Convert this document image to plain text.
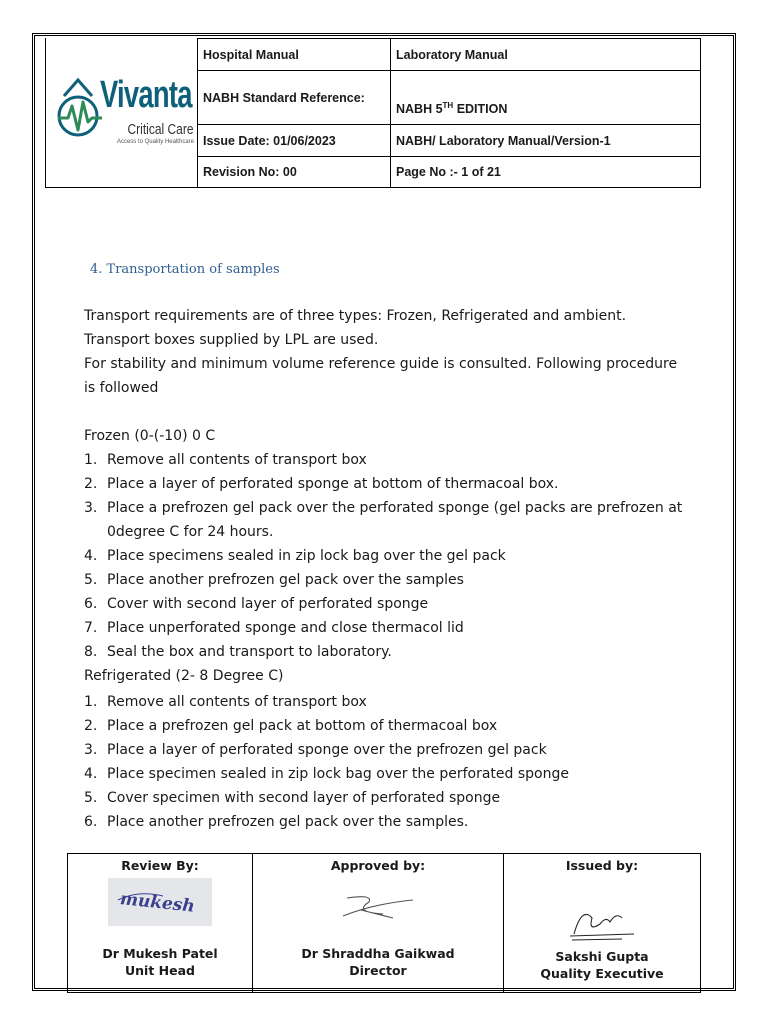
Vivanta
Critical Care
Access to Quality Healthcare
Hospital Manual	Laboratory Manual
NABH Standard Reference:	NABH 5TH EDITION
Issue Date: 01/06/2023	NABH/ Laboratory Manual/Version-1
Revision No: 00	Page No :- 1 of 21
4. Transportation of samples
Transport requirements are of three types: Frozen, Refrigerated and ambient. Transport boxes supplied by LPL are used.
For stability and minimum volume reference guide is consulted. Following procedure is followed
Frozen (0-(-10) 0 C
1. Remove all contents of transport box
2. Place a layer of perforated sponge at bottom of thermacoal box.
3. Place a prefrozen gel pack over the perforated sponge (gel packs are prefrozen at 0degree C for 24 hours.
4. Place specimens sealed in zip lock bag over the gel pack
5. Place another prefrozen gel pack over the samples
6. Cover with second layer of perforated sponge
7. Place unperforated sponge and close thermacol lid
8. Seal the box and transport to laboratory.
Refrigerated (2- 8 Degree C)
1. Remove all contents of transport box
2. Place a prefrozen gel pack at bottom of thermacoal box
3. Place a layer of perforated sponge over the prefrozen gel pack
4. Place specimen sealed in zip lock bag over the perforated sponge
5. Cover specimen with second layer of perforated sponge
6. Place another prefrozen gel pack over the samples.
Review By:
mukesh
Dr Mukesh Patel
Unit Head

Approved by:
Dr Shraddha Gaikwad
Director

Issued by:
Sakshi Gupta
Quality Executive
